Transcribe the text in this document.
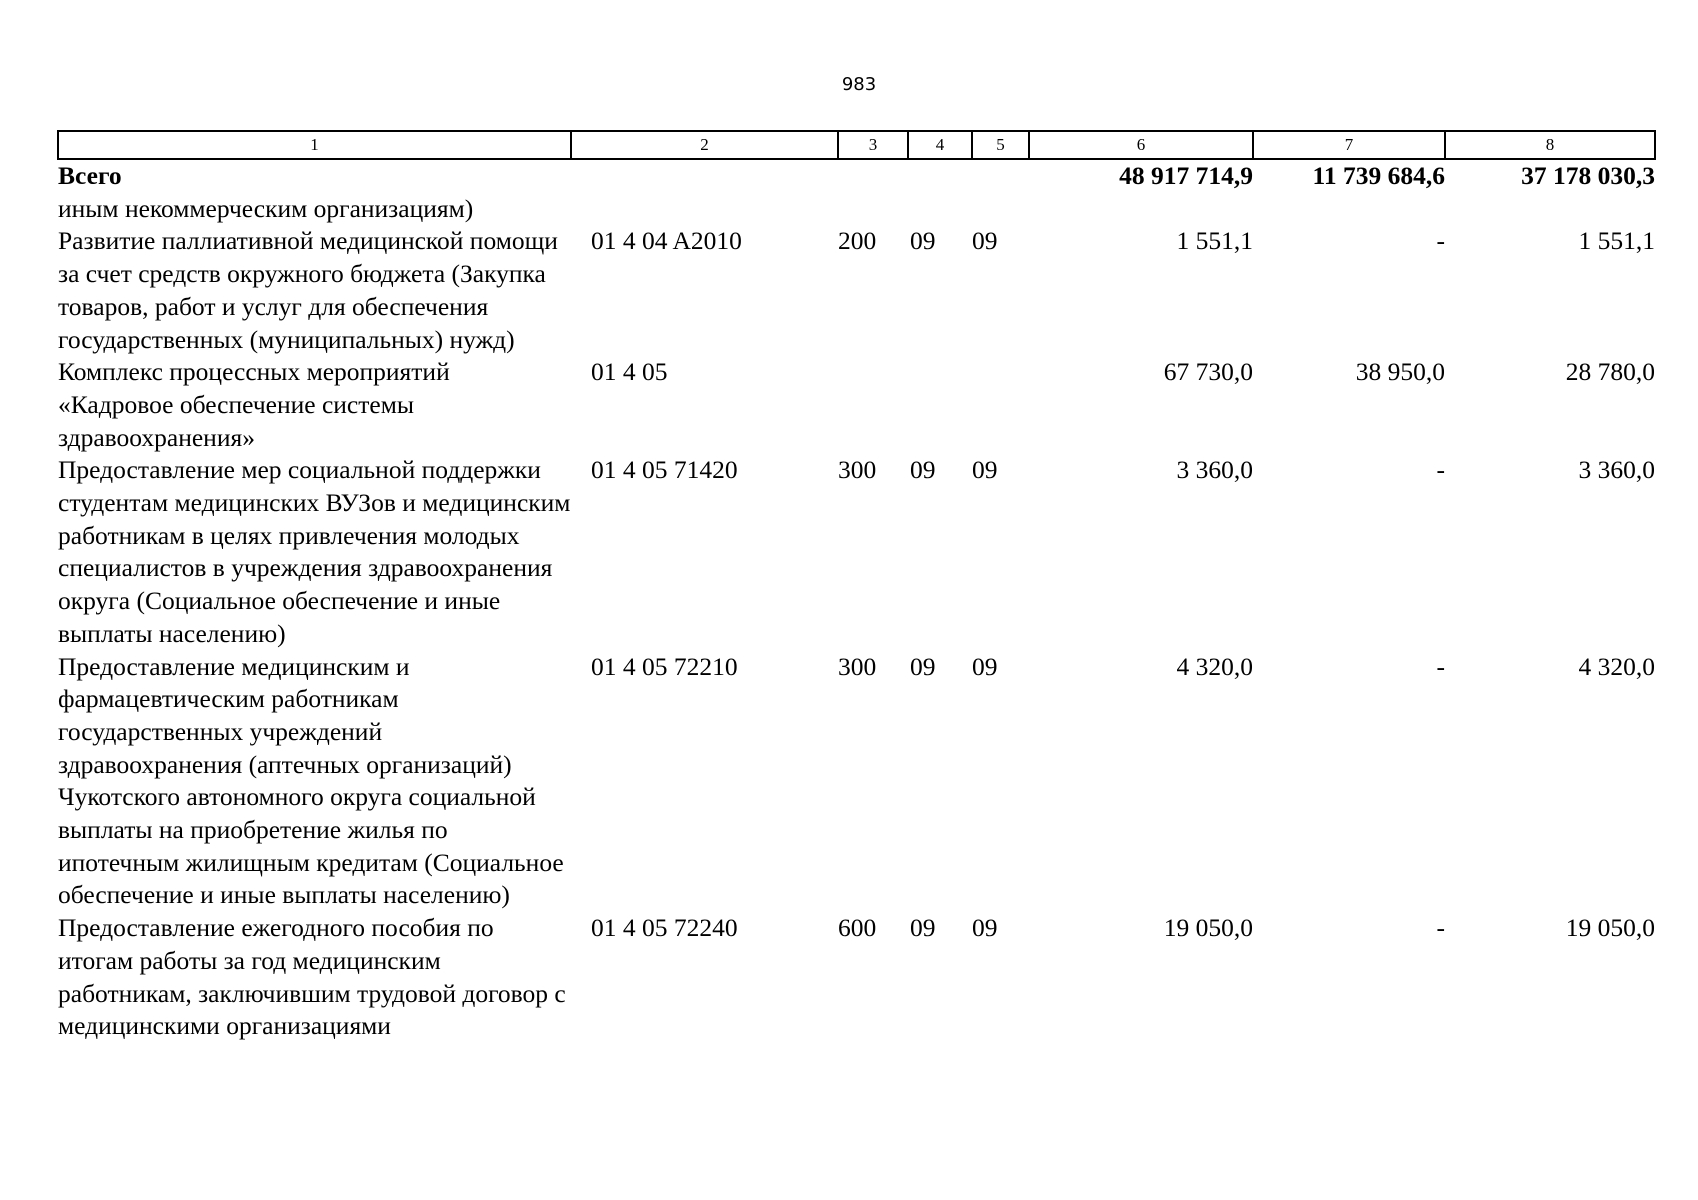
983
1	2	3	4	5	6	7	8
Всего					48 917 714,9	11 739 684,6	37 178 030,3
иным некоммерческим организациям)							
Развитие паллиативной медицинской помощи за счет средств окружного бюджета (Закупка товаров, работ и услуг для обеспечения государственных (муниципальных) нужд)	01 4 04 A2010	200	09	09	1 551,1	-	1 551,1
Комплекс процессных мероприятий «Кадровое обеспечение системы здравоохранения»	01 4 05				67 730,0	38 950,0	28 780,0
Предоставление мер социальной поддержки студентам медицинских ВУЗов и медицинским работникам в целях привлечения молодых специалистов в учреждения здравоохранения округа (Социальное обеспечение и иные выплаты населению)	01 4 05 71420	300	09	09	3 360,0	-	3 360,0
Предоставление медицинским и фармацевтическим работникам государственных учреждений здравоохранения (аптечных организаций) Чукотского автономного округа социальной выплаты на приобретение жилья по ипотечным жилищным кредитам (Социальное обеспечение и иные выплаты населению)	01 4 05 72210	300	09	09	4 320,0	-	4 320,0
Предоставление ежегодного пособия по итогам работы за год медицинским работникам, заключившим трудовой договор с медицинскими организациями	01 4 05 72240	600	09	09	19 050,0	-	19 050,0
